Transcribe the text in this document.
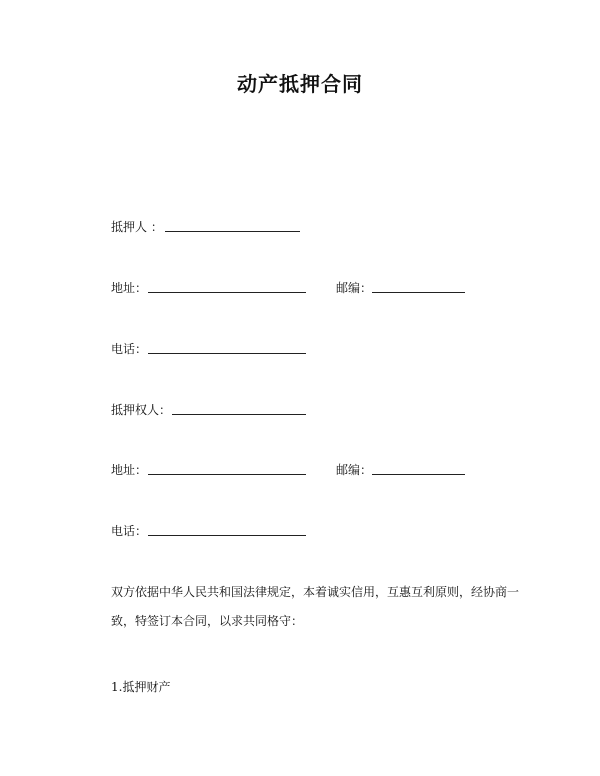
动产抵押合同
抵押人 ：
地址：	邮编：
电话：
抵押权人：
地址：	邮编：
电话：
双方依据中华人民共和国法律规定，本着诚实信用，互惠互利原则，经协商一
致，特签订本合同，以求共同格守：
1.抵押财产
